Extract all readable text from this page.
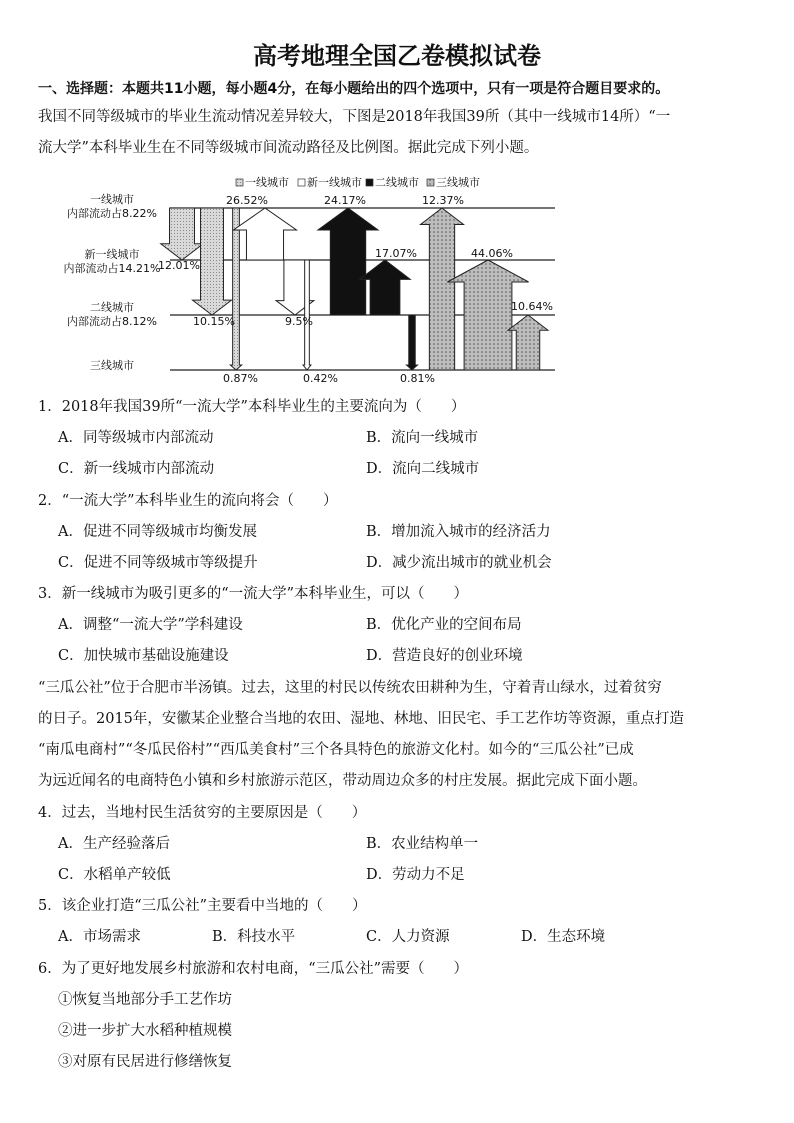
高考地理全国乙卷模拟试卷
一、选择题：本题共11小题，每小题4分，在每小题给出的四个选项中，只有一项是符合题目要求的。
我国不同等级城市的毕业生流动情况差异较大，下图是2018年我国39所（其中一线城市14所）“一
流大学”本科毕业生在不同等级城市间流动路径及比例图。据此完成下列小题。
一线城市 新一线城市 二线城市 三线城市
一线城市
内部流动占8.22%
新一线城市
内部流动占14.21%
二线城市
内部流动占8.12%
三线城市
12.01%
10.15%
0.87%
26.52%
9.5%
0.42%
24.17%
17.07%
0.81%
12.37%
44.06%
10.64%
1．2018年我国39所“一流大学”本科毕业生的主要流向为（　　）
A．同等级城市内部流动	B．流向一线城市
C．新一线城市内部流动	D．流向二线城市
2．“一流大学”本科毕业生的流向将会（　　）
A．促进不同等级城市均衡发展	B．增加流入城市的经济活力
C．促进不同等级城市等级提升	D．减少流出城市的就业机会
3．新一线城市为吸引更多的“一流大学”本科毕业生，可以（　　）
A．调整“一流大学”学科建设	B．优化产业的空间布局
C．加快城市基础设施建设	D．营造良好的创业环境
“三瓜公社”位于合肥市半汤镇。过去，这里的村民以传统农田耕种为生，守着青山绿水，过着贫穷
的日子。2015年，安徽某企业整合当地的农田、湿地、林地、旧民宅、手工艺作坊等资源，重点打造
“南瓜电商村”“冬瓜民俗村”“西瓜美食村”三个各具特色的旅游文化村。如今的“三瓜公社”已成
为远近闻名的电商特色小镇和乡村旅游示范区，带动周边众多的村庄发展。据此完成下面小题。
4．过去，当地村民生活贫穷的主要原因是（　　）
A．生产经验落后	B．农业结构单一
C．水稻单产较低	D．劳动力不足
5．该企业打造“三瓜公社”主要看中当地的（　　）
A．市场需求	B．科技水平	C．人力资源	D．生态环境
6．为了更好地发展乡村旅游和农村电商，“三瓜公社”需要（　　）
①恢复当地部分手工艺作坊
②进一步扩大水稻种植规模
③对原有民居进行修缮恢复
